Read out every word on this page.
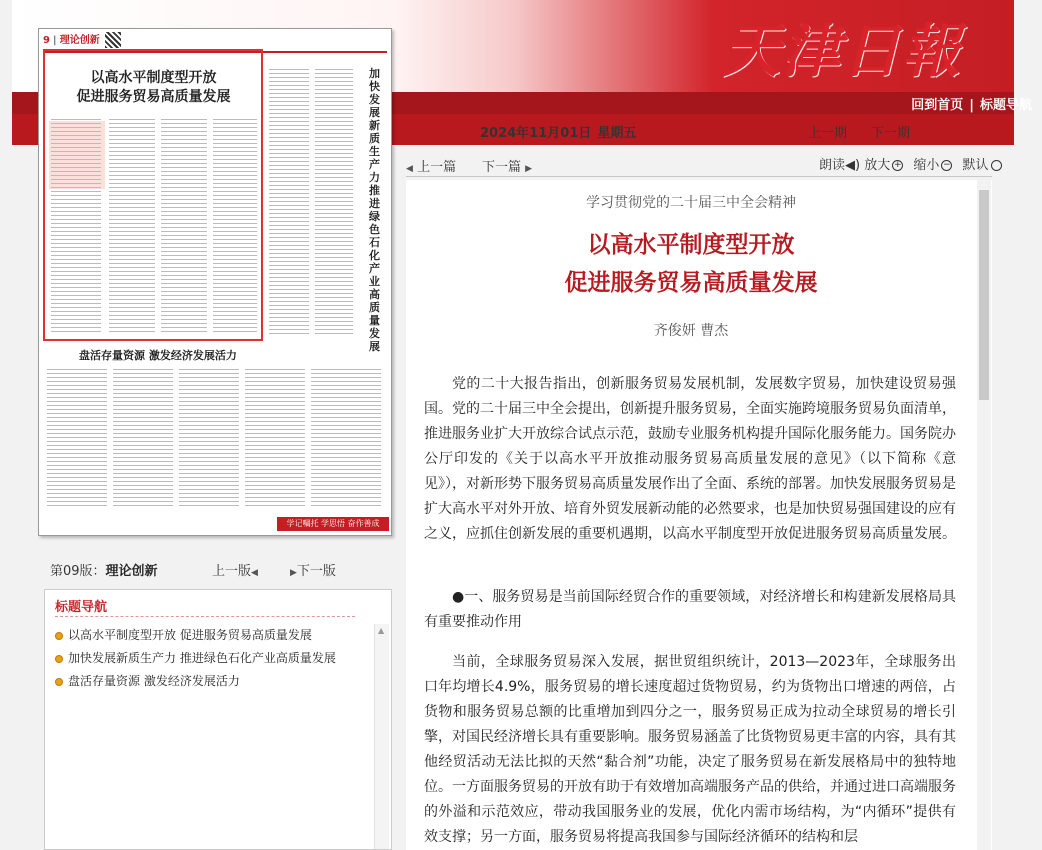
天津日報
回到首页 | 标题导航
2024年11月01日 星期五	上一期 下一期
9 | 理论创新
以高水平制度型开放
促进服务贸易高质量发展
加快发展新质生产力 推进绿色石化产业高质量发展
盘活存量资源 激发经济发展活力
学记嘱托 学思悟 奋作善成
第09版：理论创新	上一版◀	▶下一版
标题导航
以高水平制度型开放 促进服务贸易高质量发展
加快发展新质生产力 推进绿色石化产业高质量发展
盘活存量资源 激发经济发展活力
▲
◀ 上一篇 下一篇 ▶	朗读◀) 放大 + 缩小 − 默认
学习贯彻党的二十届三中全会精神
以高水平制度型开放
促进服务贸易高质量发展
齐俊妍 曹杰

党的二十大报告指出，创新服务贸易发展机制，发展数字贸易，加快建设贸易强国。党的二十届三中全会提出，创新提升服务贸易，全面实施跨境服务贸易负面清单，推进服务业扩大开放综合试点示范，鼓励专业服务机构提升国际化服务能力。国务院办公厅印发的《关于以高水平开放推动服务贸易高质量发展的意见》（以下简称《意见》），对新形势下服务贸易高质量发展作出了全面、系统的部署。加快发展服务贸易是扩大高水平对外开放、培育外贸发展新动能的必然要求，也是加快贸易强国建设的应有之义，应抓住创新发展的重要机遇期，以高水平制度型开放促进服务贸易高质量发展。

●一、服务贸易是当前国际经贸合作的重要领域，对经济增长和构建新发展格局具有重要推动作用

当前，全球服务贸易深入发展，据世贸组织统计，2013—2023年，全球服务出口年均增长4.9%，服务贸易的增长速度超过货物贸易，约为货物出口增速的两倍，占货物和服务贸易总额的比重增加到四分之一，服务贸易正成为拉动全球贸易的增长引擎，对国民经济增长具有重要影响。服务贸易涵盖了比货物贸易更丰富的内容，具有其他经贸活动无法比拟的天然“黏合剂”功能，决定了服务贸易在新发展格局中的独特地位。一方面服务贸易的开放有助于有效增加高端服务产品的供给，并通过进口高端服务的外溢和示范效应，带动我国服务业的发展，优化内需市场结构，为“内循环”提供有效支撑；另一方面，服务贸易将提高我国参与国际经济循环的结构和层
